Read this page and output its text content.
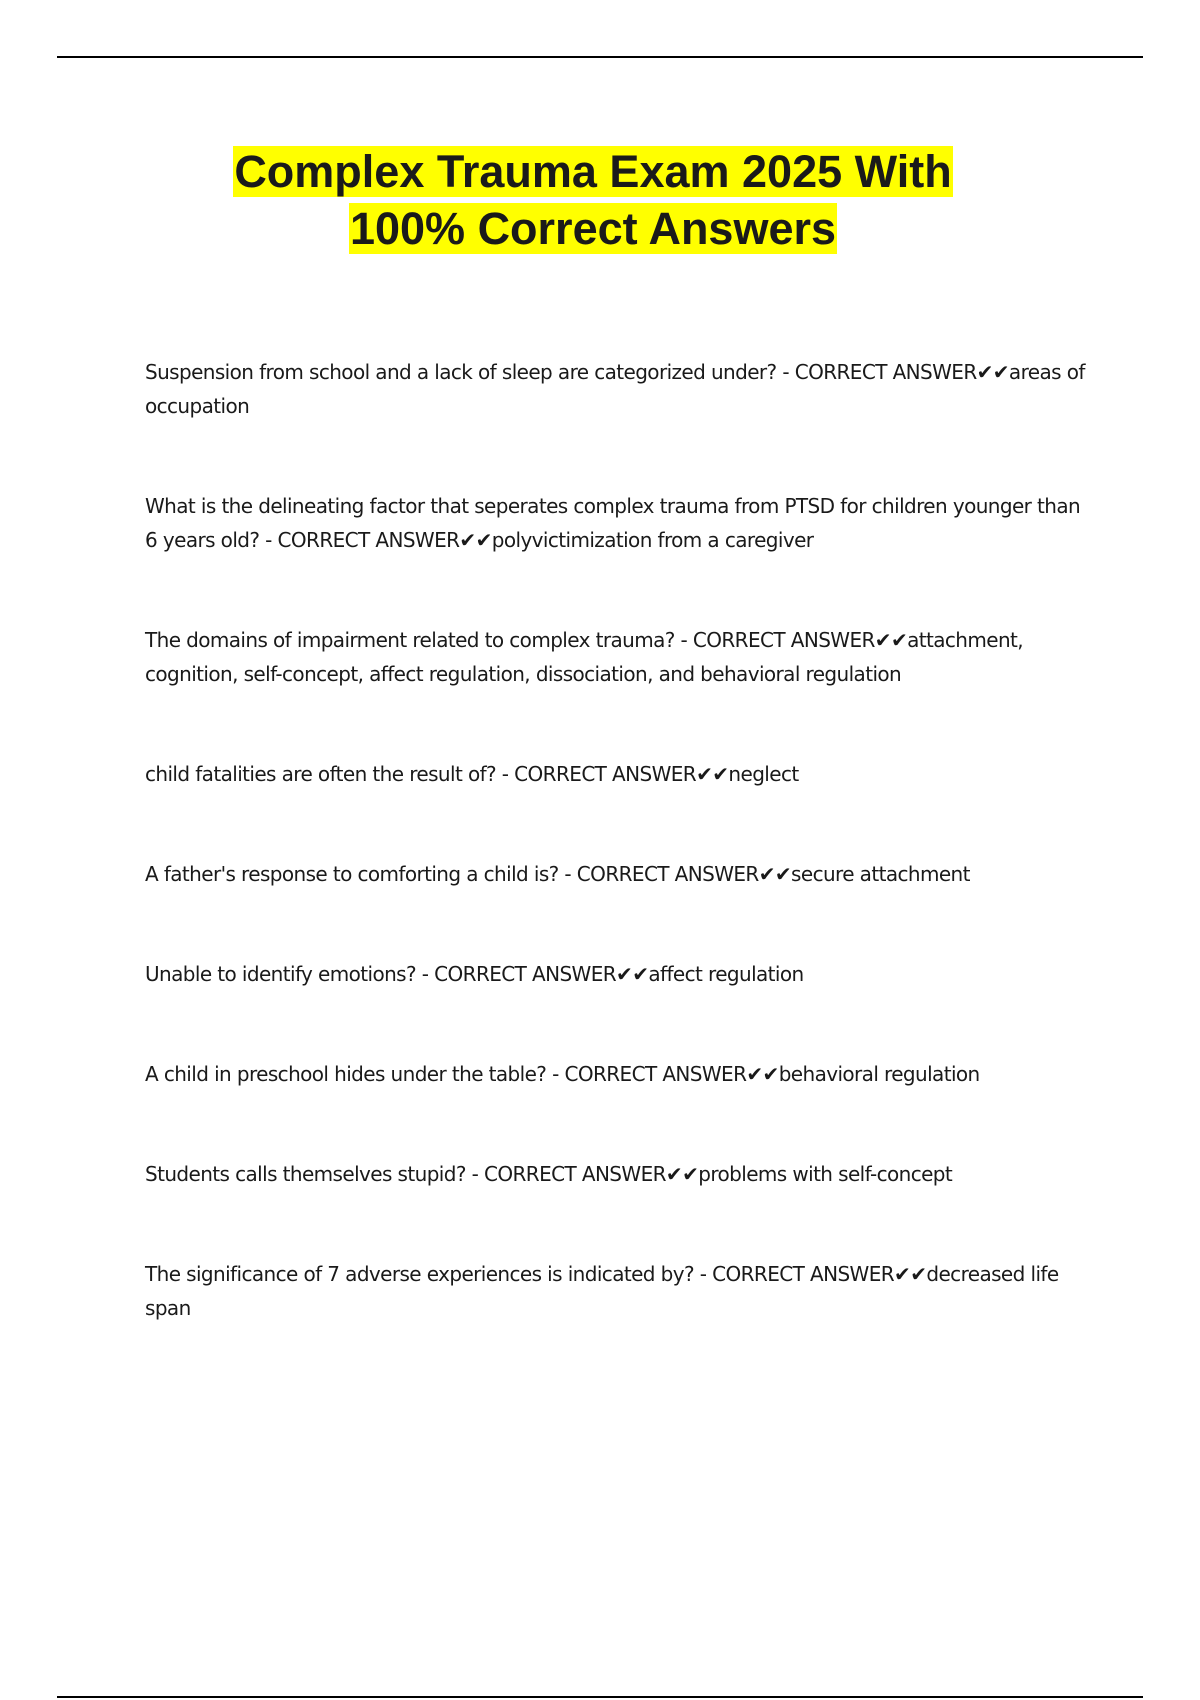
Complex Trauma Exam 2025 With
100% Correct Answers

Suspension from school and a lack of sleep are categorized under? - CORRECT ANSWER✔✔areas of occupation

What is the delineating factor that seperates complex trauma from PTSD for children younger than 6 years old? - CORRECT ANSWER✔✔polyvictimization from a caregiver

The domains of impairment related to complex trauma? - CORRECT ANSWER✔✔attachment, cognition, self-concept, affect regulation, dissociation, and behavioral regulation

child fatalities are often the result of? - CORRECT ANSWER✔✔neglect

A father's response to comforting a child is? - CORRECT ANSWER✔✔secure attachment

Unable to identify emotions? - CORRECT ANSWER✔✔affect regulation

A child in preschool hides under the table? - CORRECT ANSWER✔✔behavioral regulation

Students calls themselves stupid? - CORRECT ANSWER✔✔problems with self-concept

The significance of 7 adverse experiences is indicated by? - CORRECT ANSWER✔✔decreased life span
